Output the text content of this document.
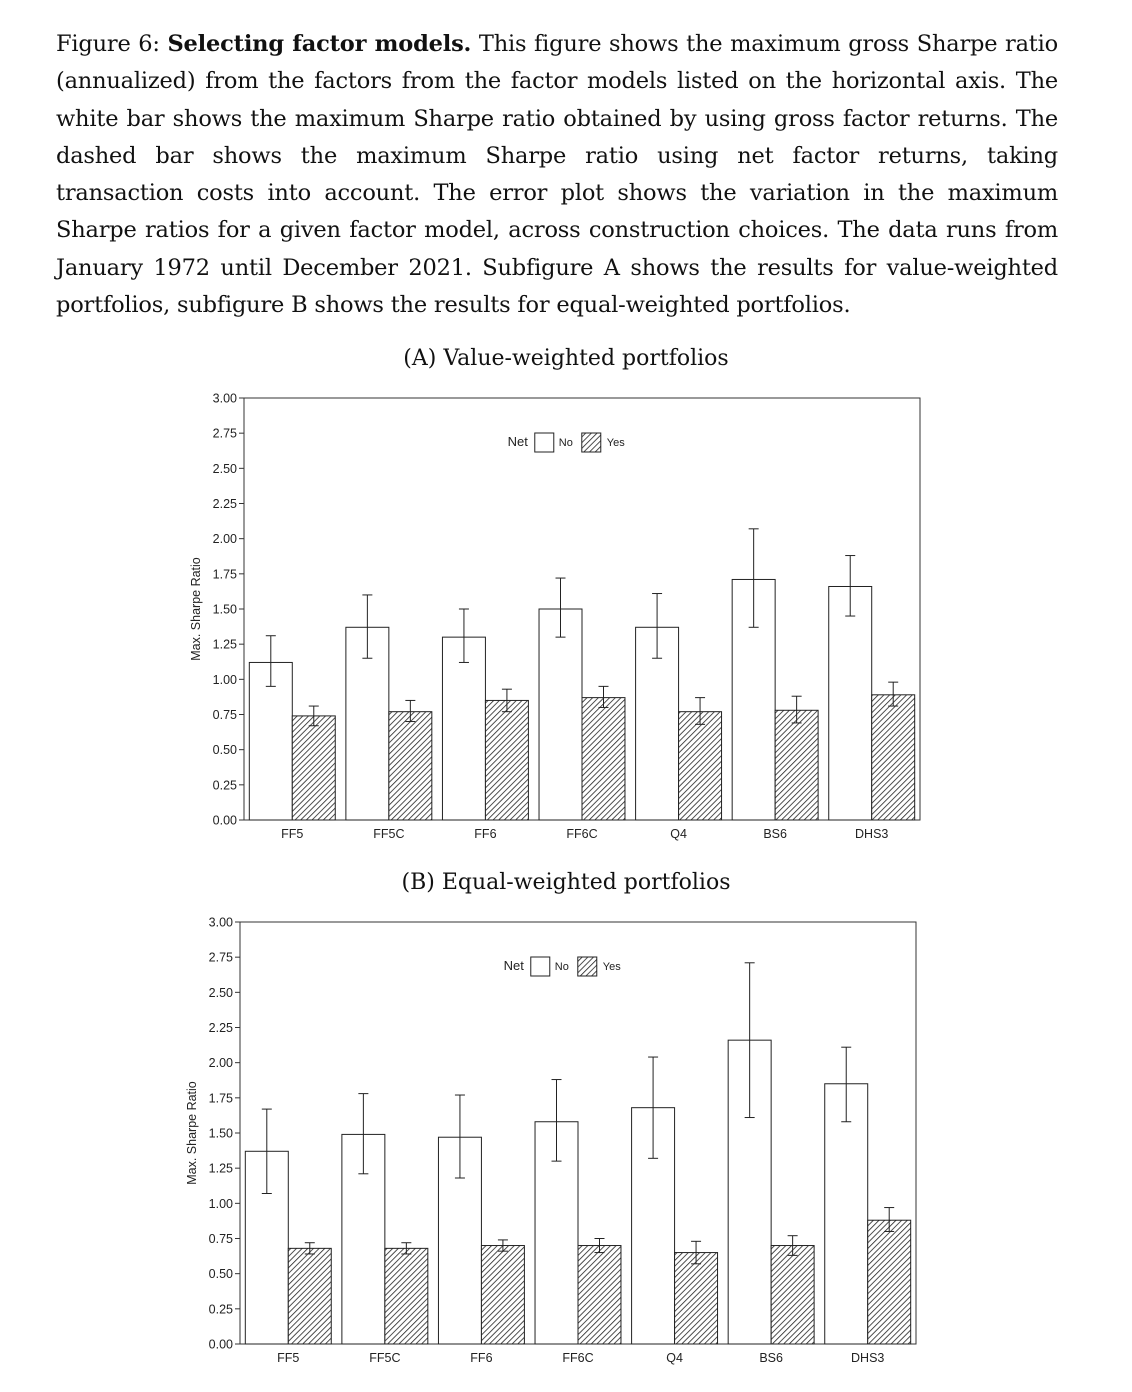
Figure 6: Selecting factor models. This figure shows the maximum gross Sharpe ratio (annualized) from the factors from the factor models listed on the horizontal axis. The white bar shows the maximum Sharpe ratio obtained by using gross factor returns. The dashed bar shows the maximum Sharpe ratio using net factor returns, taking transaction costs into account. The error plot shows the variation in the maximum Sharpe ratios for a given factor model, across construction choices. The data runs from January 1972 until December 2021. Subfigure A shows the results for value-weighted portfolios, subfigure B shows the results for equal-weighted portfolios.
(A) Value-weighted portfolios
(B) Equal-weighted portfolios
0.00
0.25
0.50
0.75
1.00
1.25
1.50
1.75
2.00
2.25
2.50
2.75
3.00
Max. Sharpe Ratio
FF5	FF5C	FF6	FF6C	Q4	BS6	DHS3
Net	No	Yes
0.00
0.25
0.50
0.75
1.00
1.25
1.50
1.75
2.00
2.25
2.50
2.75
3.00
Max. Sharpe Ratio
FF5	FF5C	FF6	FF6C	Q4	BS6	DHS3
Net	No	Yes
